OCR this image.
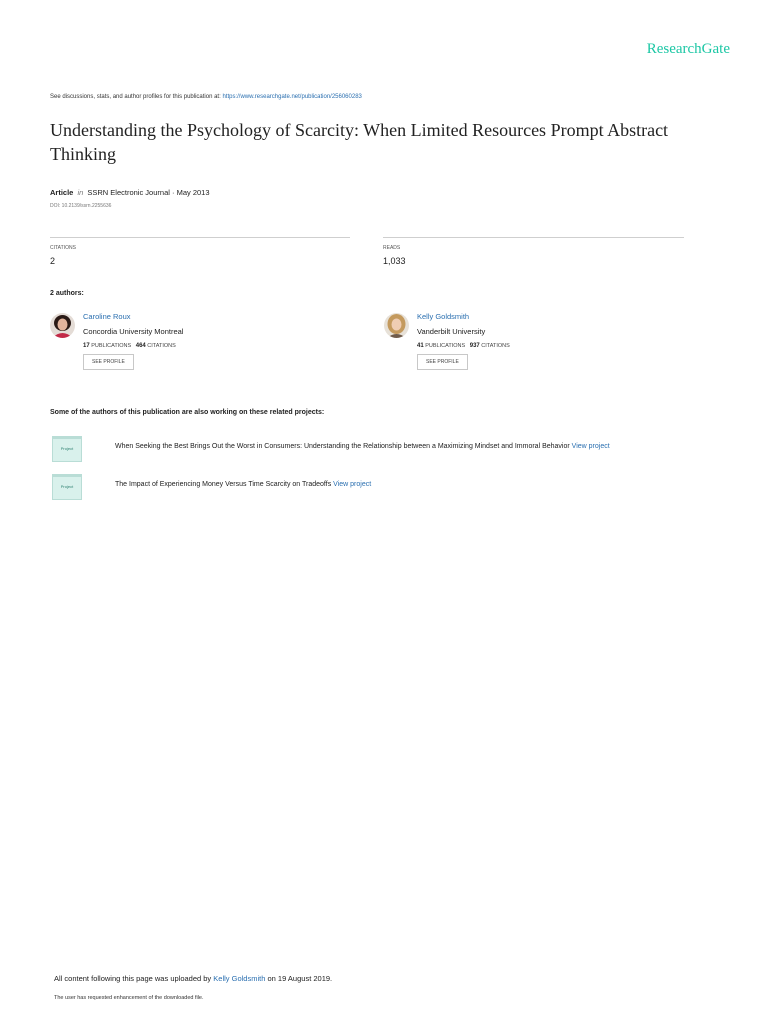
ResearchGate
See discussions, stats, and author profiles for this publication at: https://www.researchgate.net/publication/256060283
Understanding the Psychology of Scarcity: When Limited Resources Prompt Abstract Thinking
Article in SSRN Electronic Journal · May 2013
DOI: 10.2139/ssrn.2255636
CITATIONS
2
READS
1,033
2 authors:
Caroline Roux
Concordia University Montreal
17 PUBLICATIONS 464 CITATIONS
SEE PROFILE
Kelly Goldsmith
Vanderbilt University
41 PUBLICATIONS 937 CITATIONS
SEE PROFILE
Some of the authors of this publication are also working on these related projects:
Project	When Seeking the Best Brings Out the Worst in Consumers: Understanding the Relationship between a Maximizing Mindset and Immoral Behavior View project
Project	The Impact of Experiencing Money Versus Time Scarcity on Tradeoffs View project
All content following this page was uploaded by Kelly Goldsmith on 19 August 2019.
The user has requested enhancement of the downloaded file.
